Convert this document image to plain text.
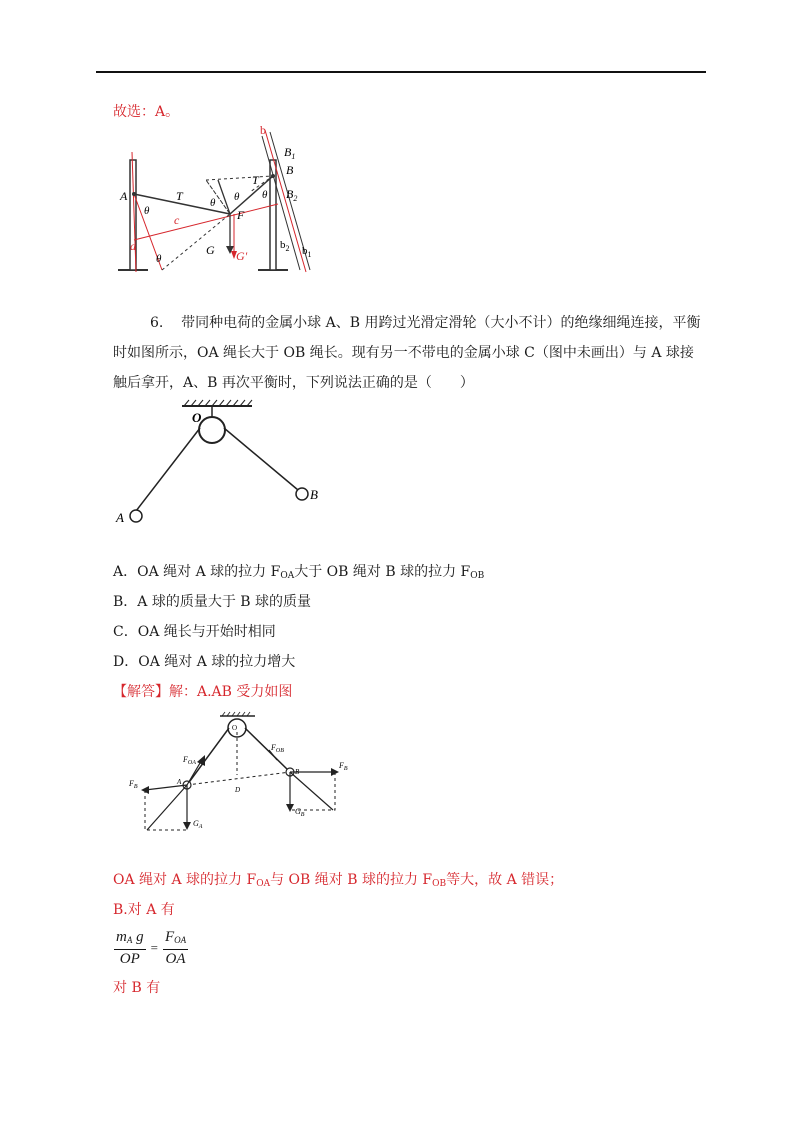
故选：A。
A
θ
T
T
c
θ θ θ
F
G G'
a
θ
b
$B_1$
B
$B_2$
$b_2$ $b_1$
6. 带同种电荷的金属小球 A、B 用跨过光滑定滑轮（大小不计）的绝缘细绳连接，平衡
时如图所示，OA 绳长大于 OB 绳长。现有另一不带电的金属小球 C（图中未画出）与 A 球接
触后拿开，A、B 再次平衡时，下列说法正确的是（　　）
O
A
B
A．OA 绳对 A 球的拉力 $F_{OA}$大于 OB 绳对 B 球的拉力 $F_{OB}$
B．A 球的质量大于 B 球的质量
C．OA 绳长与开始时相同
D．OA 绳对 A 球的拉力增大
【解答】解：A.AB 受力如图
O
$F_{OA}$
$F_{OB}$
$F_B$
$F_B$
A
B
D
$G_A$
$G_B$
OA 绳对 A 球的拉力 $F_{OA}$与 OB 绳对 B 球的拉力 $F_{OB}$等大，故 A 错误；
B.对 A 有
$\frac{m_A g}{OP} = \frac{F_{OA}}{OA}$
对 B 有
